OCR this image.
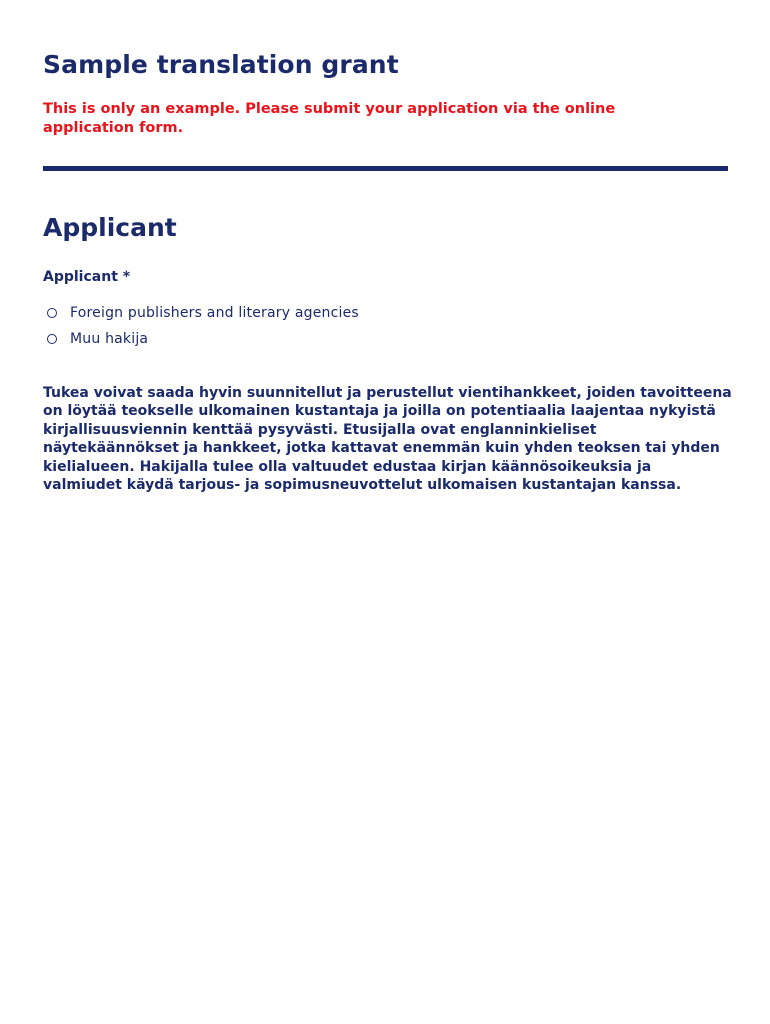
Sample translation grant

This is only an example. Please submit your application via the online application form.

Applicant
Applicant *
Foreign publishers and literary agencies
Muu hakija

Tukea voivat saada hyvin suunnitellut ja perustellut vientihankkeet, joiden tavoitteena on löytää teokselle ulkomainen kustantaja ja joilla on potentiaalia laajentaa nykyistä kirjallisuusviennin kenttää pysyvästi. Etusijalla ovat englanninkieliset näytekäännökset ja hankkeet, jotka kattavat enemmän kuin yhden teoksen tai yhden kielialueen. Hakijalla tulee olla valtuudet edustaa kirjan käännösoikeuksia ja valmiudet käydä tarjous- ja sopimusneuvottelut ulkomaisen kustantajan kanssa.
